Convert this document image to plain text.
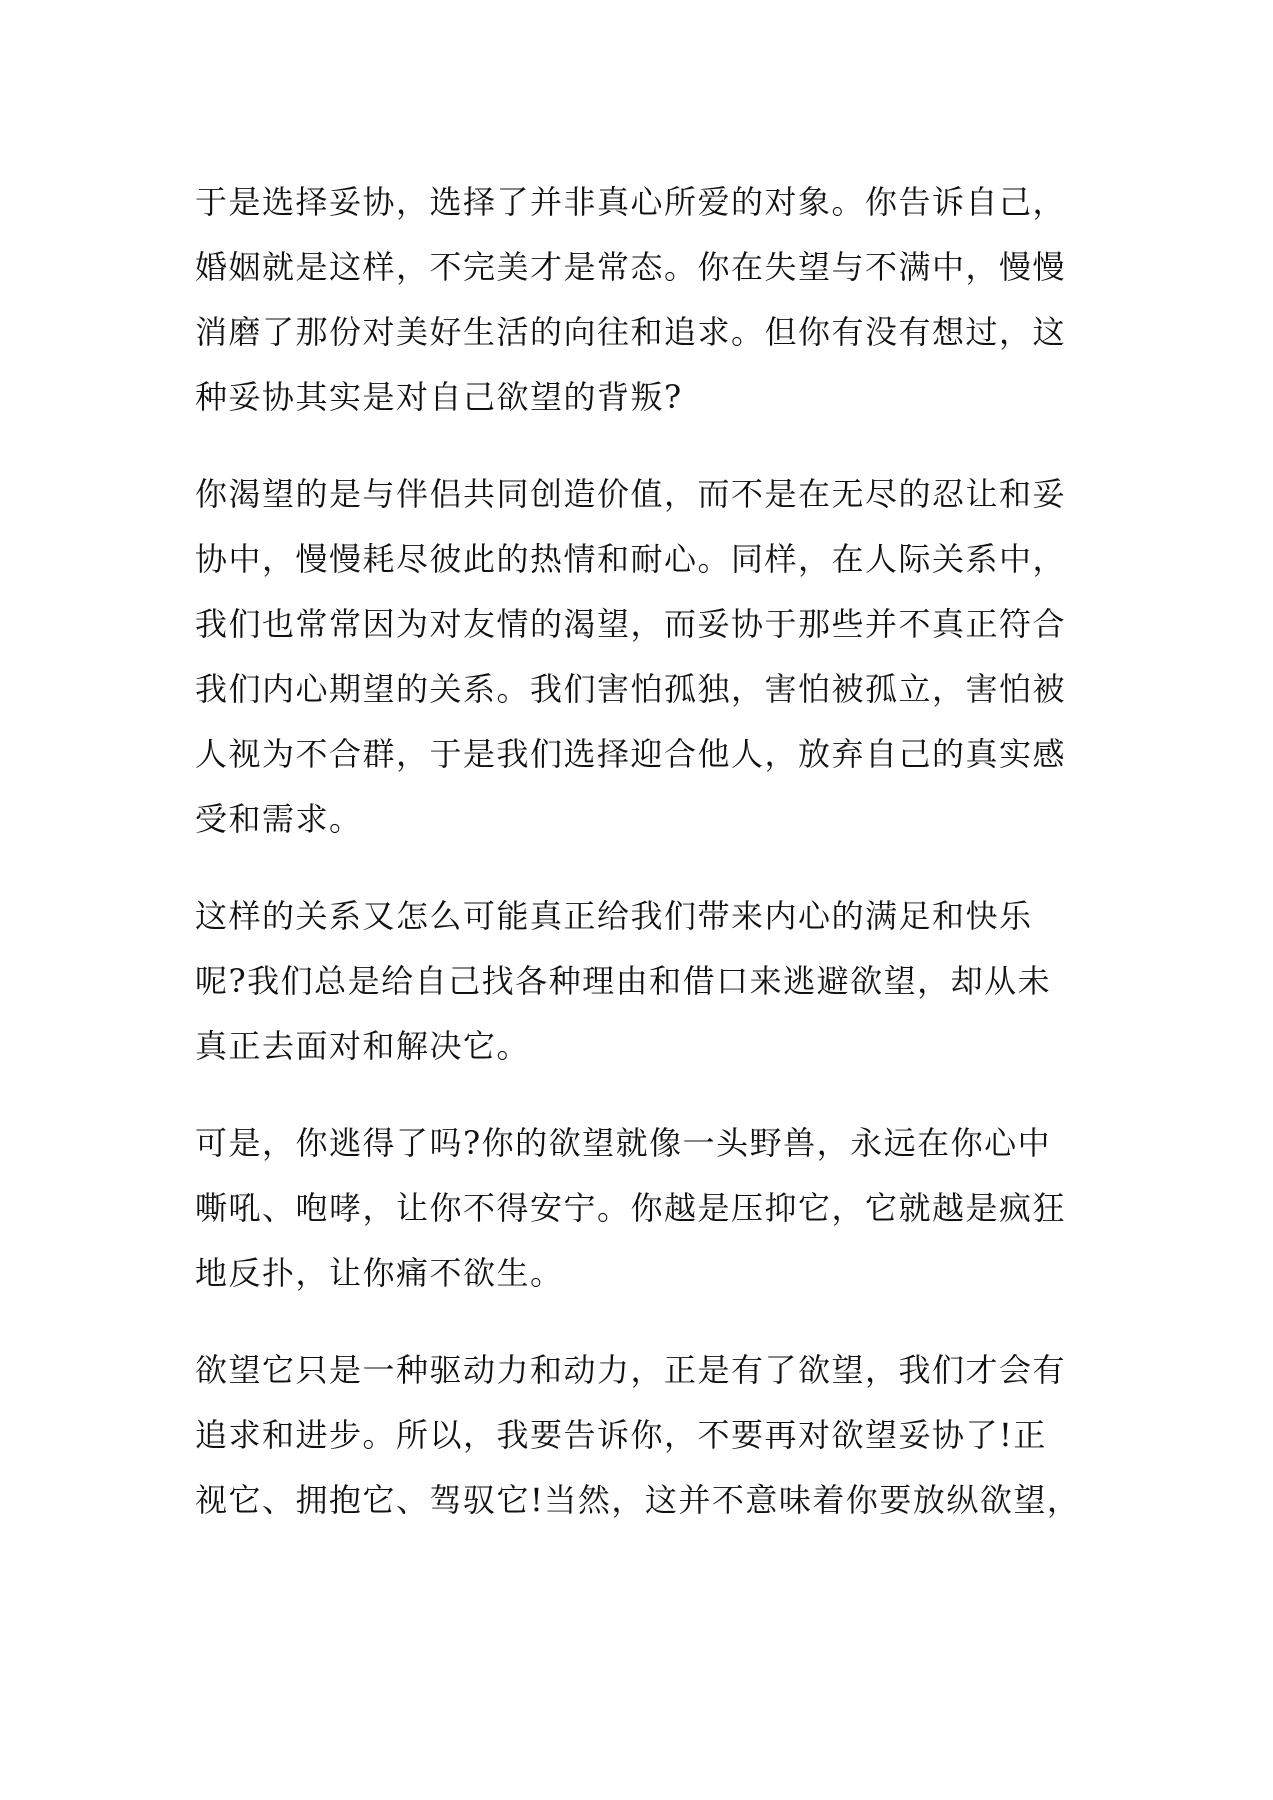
于是选择妥协，选择了并非真心所爱的对象。你告诉自己，
婚姻就是这样，不完美才是常态。你在失望与不满中，慢慢
消磨了那份对美好生活的向往和追求。但你有没有想过，这
种妥协其实是对自己欲望的背叛?

你渴望的是与伴侣共同创造价值，而不是在无尽的忍让和妥
协中，慢慢耗尽彼此的热情和耐心。同样，在人际关系中，
我们也常常因为对友情的渴望，而妥协于那些并不真正符合
我们内心期望的关系。我们害怕孤独，害怕被孤立，害怕被
人视为不合群，于是我们选择迎合他人，放弃自己的真实感
受和需求。

这样的关系又怎么可能真正给我们带来内心的满足和快乐
呢?我们总是给自己找各种理由和借口来逃避欲望，却从未
真正去面对和解决它。

可是，你逃得了吗?你的欲望就像一头野兽，永远在你心中
嘶吼、咆哮，让你不得安宁。你越是压抑它，它就越是疯狂
地反扑，让你痛不欲生。

欲望它只是一种驱动力和动力，正是有了欲望，我们才会有
追求和进步。所以，我要告诉你，不要再对欲望妥协了!正
视它、拥抱它、驾驭它!当然，这并不意味着你要放纵欲望，
